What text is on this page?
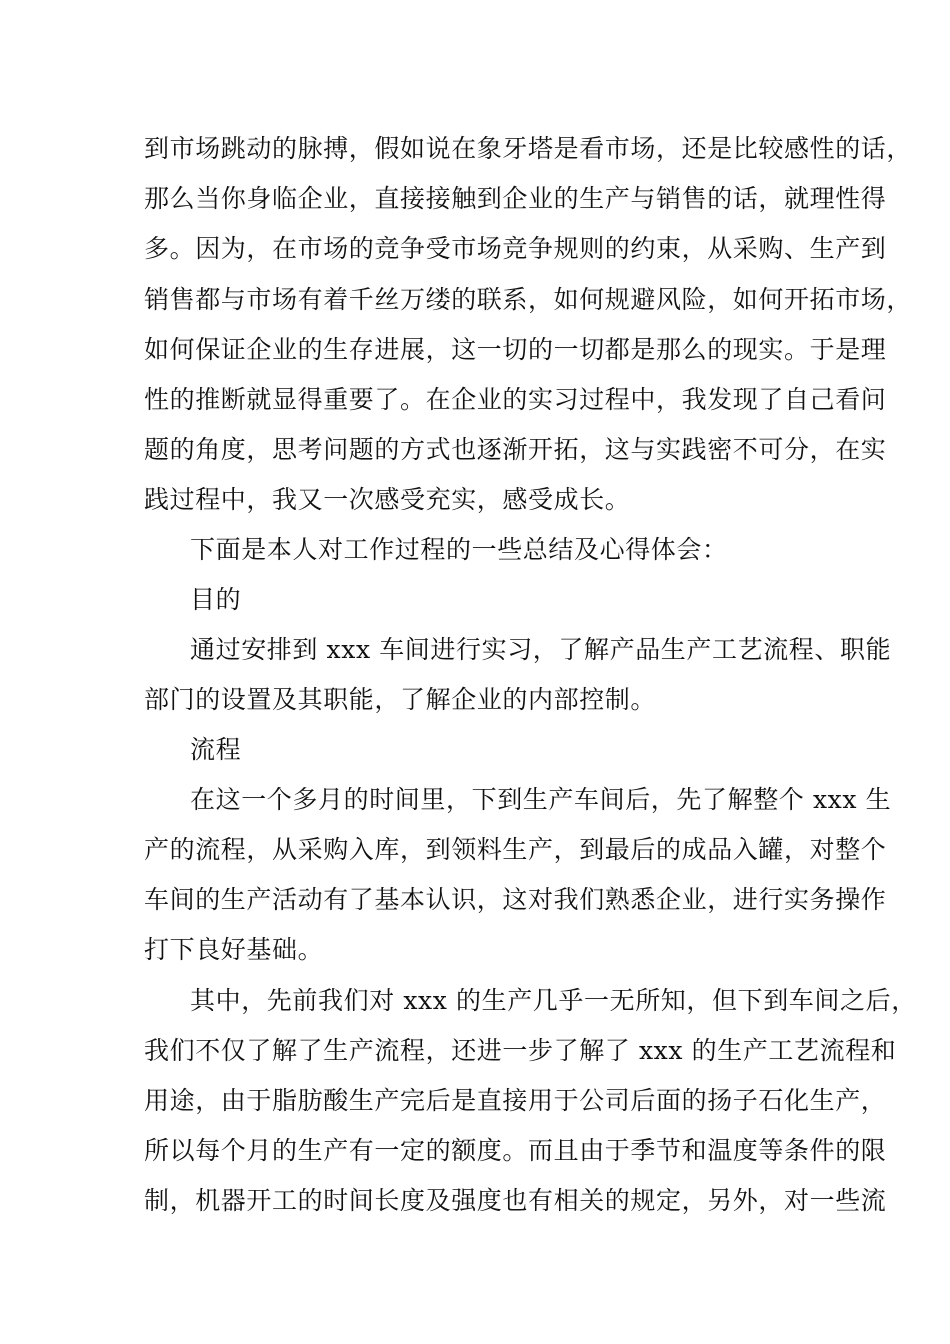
到市场跳动的脉搏，假如说在象牙塔是看市场，还是比较感性的话，
那么当你身临企业，直接接触到企业的生产与销售的话，就理性得
多。因为，在市场的竞争受市场竞争规则的约束，从采购、生产到
销售都与市场有着千丝万缕的联系，如何规避风险，如何开拓市场，
如何保证企业的生存进展，这一切的一切都是那么的现实。于是理
性的推断就显得重要了。在企业的实习过程中，我发现了自己看问
题的角度，思考问题的方式也逐渐开拓，这与实践密不可分，在实
践过程中，我又一次感受充实，感受成长。
下面是本人对工作过程的一些总结及心得体会：
目的
通过安排到 xxx 车间进行实习，了解产品生产工艺流程、职能
部门的设置及其职能，了解企业的内部控制。
流程
在这一个多月的时间里，下到生产车间后，先了解整个 xxx 生
产的流程，从采购入库，到领料生产，到最后的成品入罐，对整个
车间的生产活动有了基本认识，这对我们熟悉企业，进行实务操作
打下良好基础。
其中，先前我们对 xxx 的生产几乎一无所知，但下到车间之后，
我们不仅了解了生产流程，还进一步了解了 xxx 的生产工艺流程和
用途，由于脂肪酸生产完后是直接用于公司后面的扬子石化生产，
所以每个月的生产有一定的额度。而且由于季节和温度等条件的限
制，机器开工的时间长度及强度也有相关的规定，另外，对一些流
